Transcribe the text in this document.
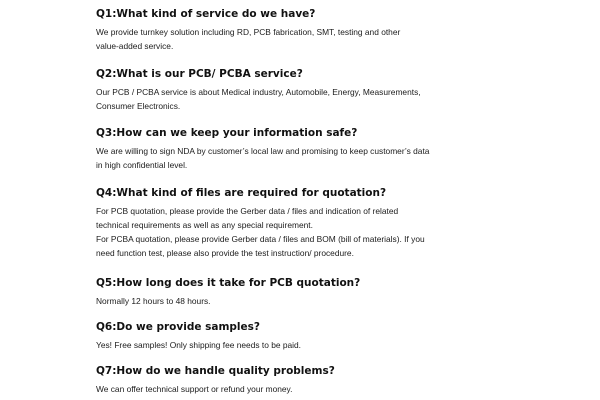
Q1:What kind of service do we have?

We provide turnkey solution including RD, PCB fabrication, SMT, testing and other

value-added service.

Q2:What is our PCB/ PCBA service?

Our PCB / PCBA service is about Medical industry, Automobile, Energy, Measurements,

Consumer Electronics.

Q3:How can we keep your information safe?

We are willing to sign NDA by customer’s local law and promising to keep customer’s data

in high confidential level.

Q4:What kind of files are required for quotation?

For PCB quotation, please provide the Gerber data / files and indication of related

technical requirements as well as any special requirement.

For PCBA quotation, please provide Gerber data / files and BOM (bill of materials). If you

need function test, please also provide the test instruction/ procedure.

Q5:How long does it take for PCB quotation?

Normally 12 hours to 48 hours.

Q6:Do we provide samples?

Yes! Free samples! Only shipping fee needs to be paid.

Q7:How do we handle quality problems?

We can offer technical support or refund your money.
